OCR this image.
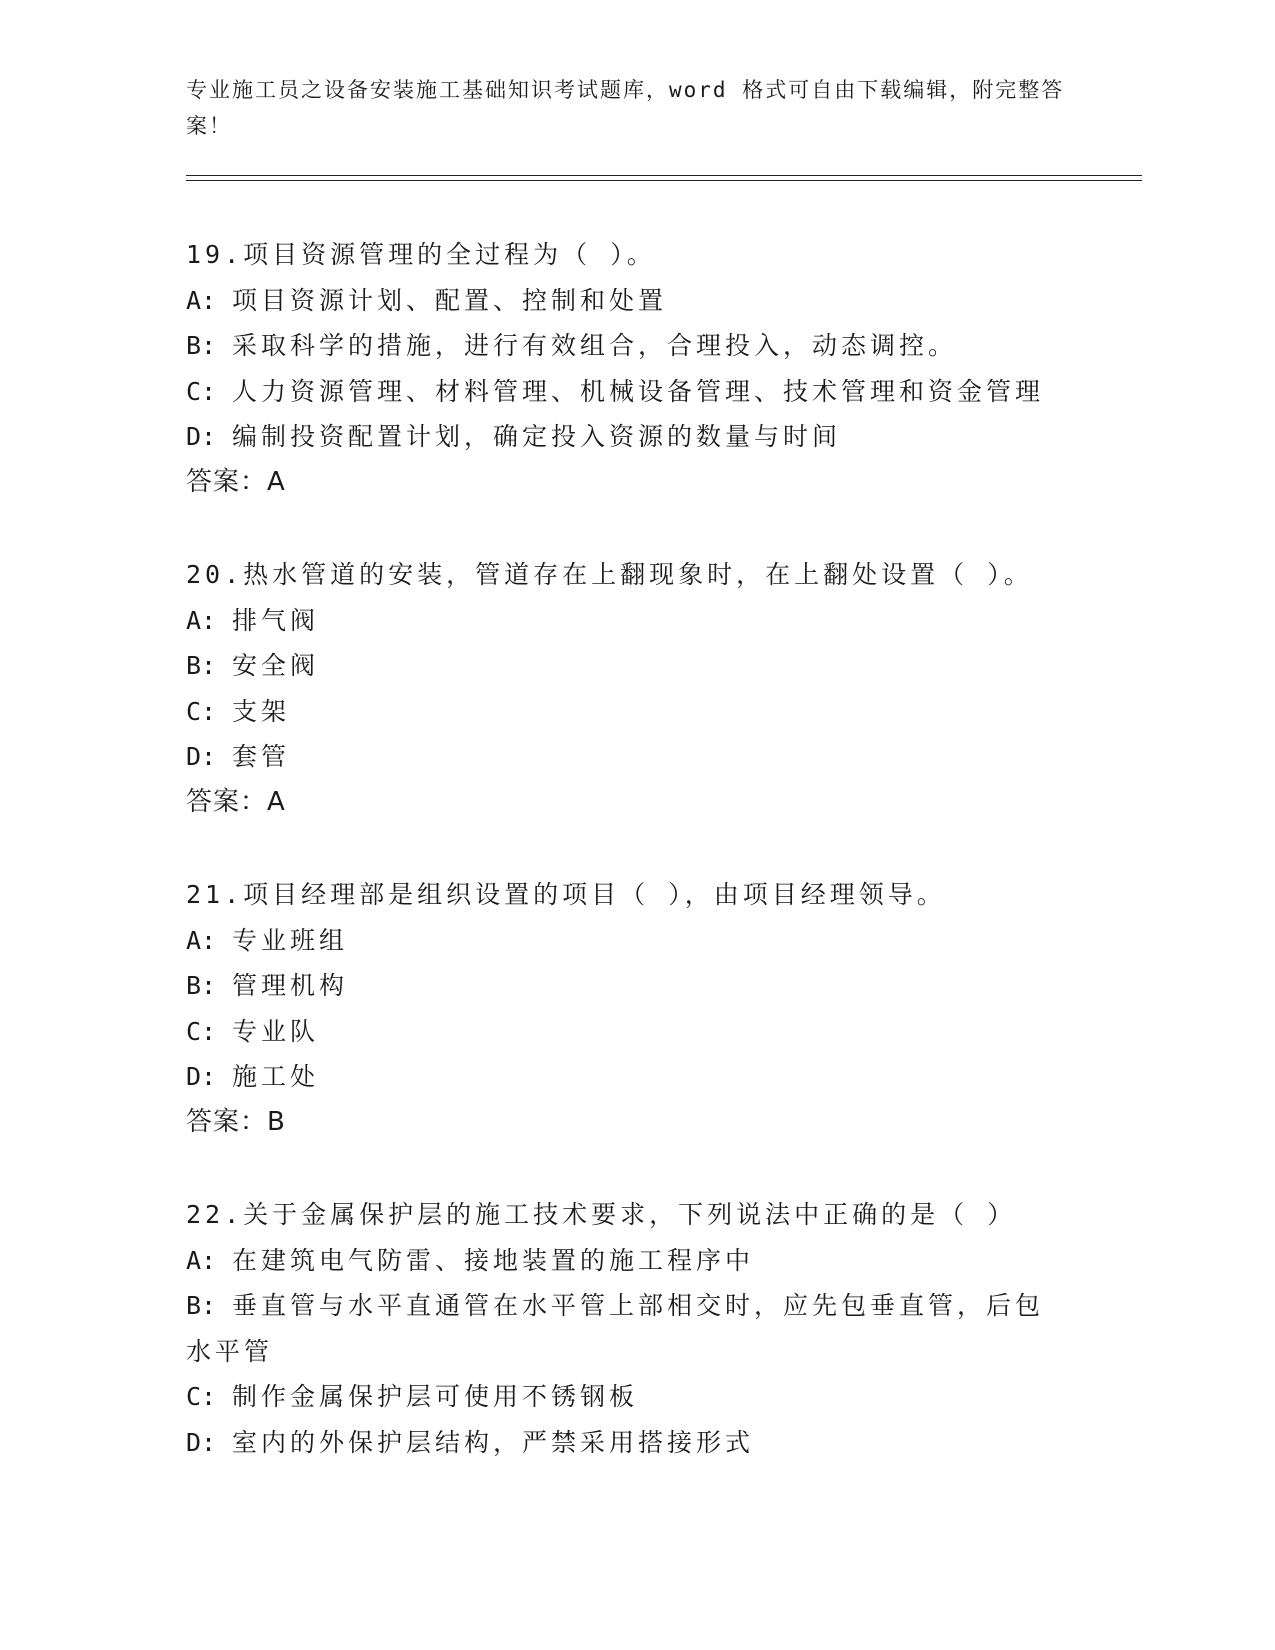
专业施工员之设备安装施工基础知识考试题库，word 格式可自由下载编辑，附完整答案！
19.项目资源管理的全过程为（ ）。
A: 项目资源计划、配置、控制和处置
B: 采取科学的措施，进行有效组合，合理投入，动态调控。
C: 人力资源管理、材料管理、机械设备管理、技术管理和资金管理
D: 编制投资配置计划，确定投入资源的数量与时间
答案：A
20.热水管道的安装，管道存在上翻现象时，在上翻处设置（ ）。
A: 排气阀
B: 安全阀
C: 支架
D: 套管
答案：A
21.项目经理部是组织设置的项目（ ），由项目经理领导。
A: 专业班组
B: 管理机构
C: 专业队
D: 施工处
答案：B
22.关于金属保护层的施工技术要求，下列说法中正确的是（ ）
A: 在建筑电气防雷、接地装置的施工程序中
B: 垂直管与水平直通管在水平管上部相交时，应先包垂直管，后包水平管
C: 制作金属保护层可使用不锈钢板
D: 室内的外保护层结构，严禁采用搭接形式
